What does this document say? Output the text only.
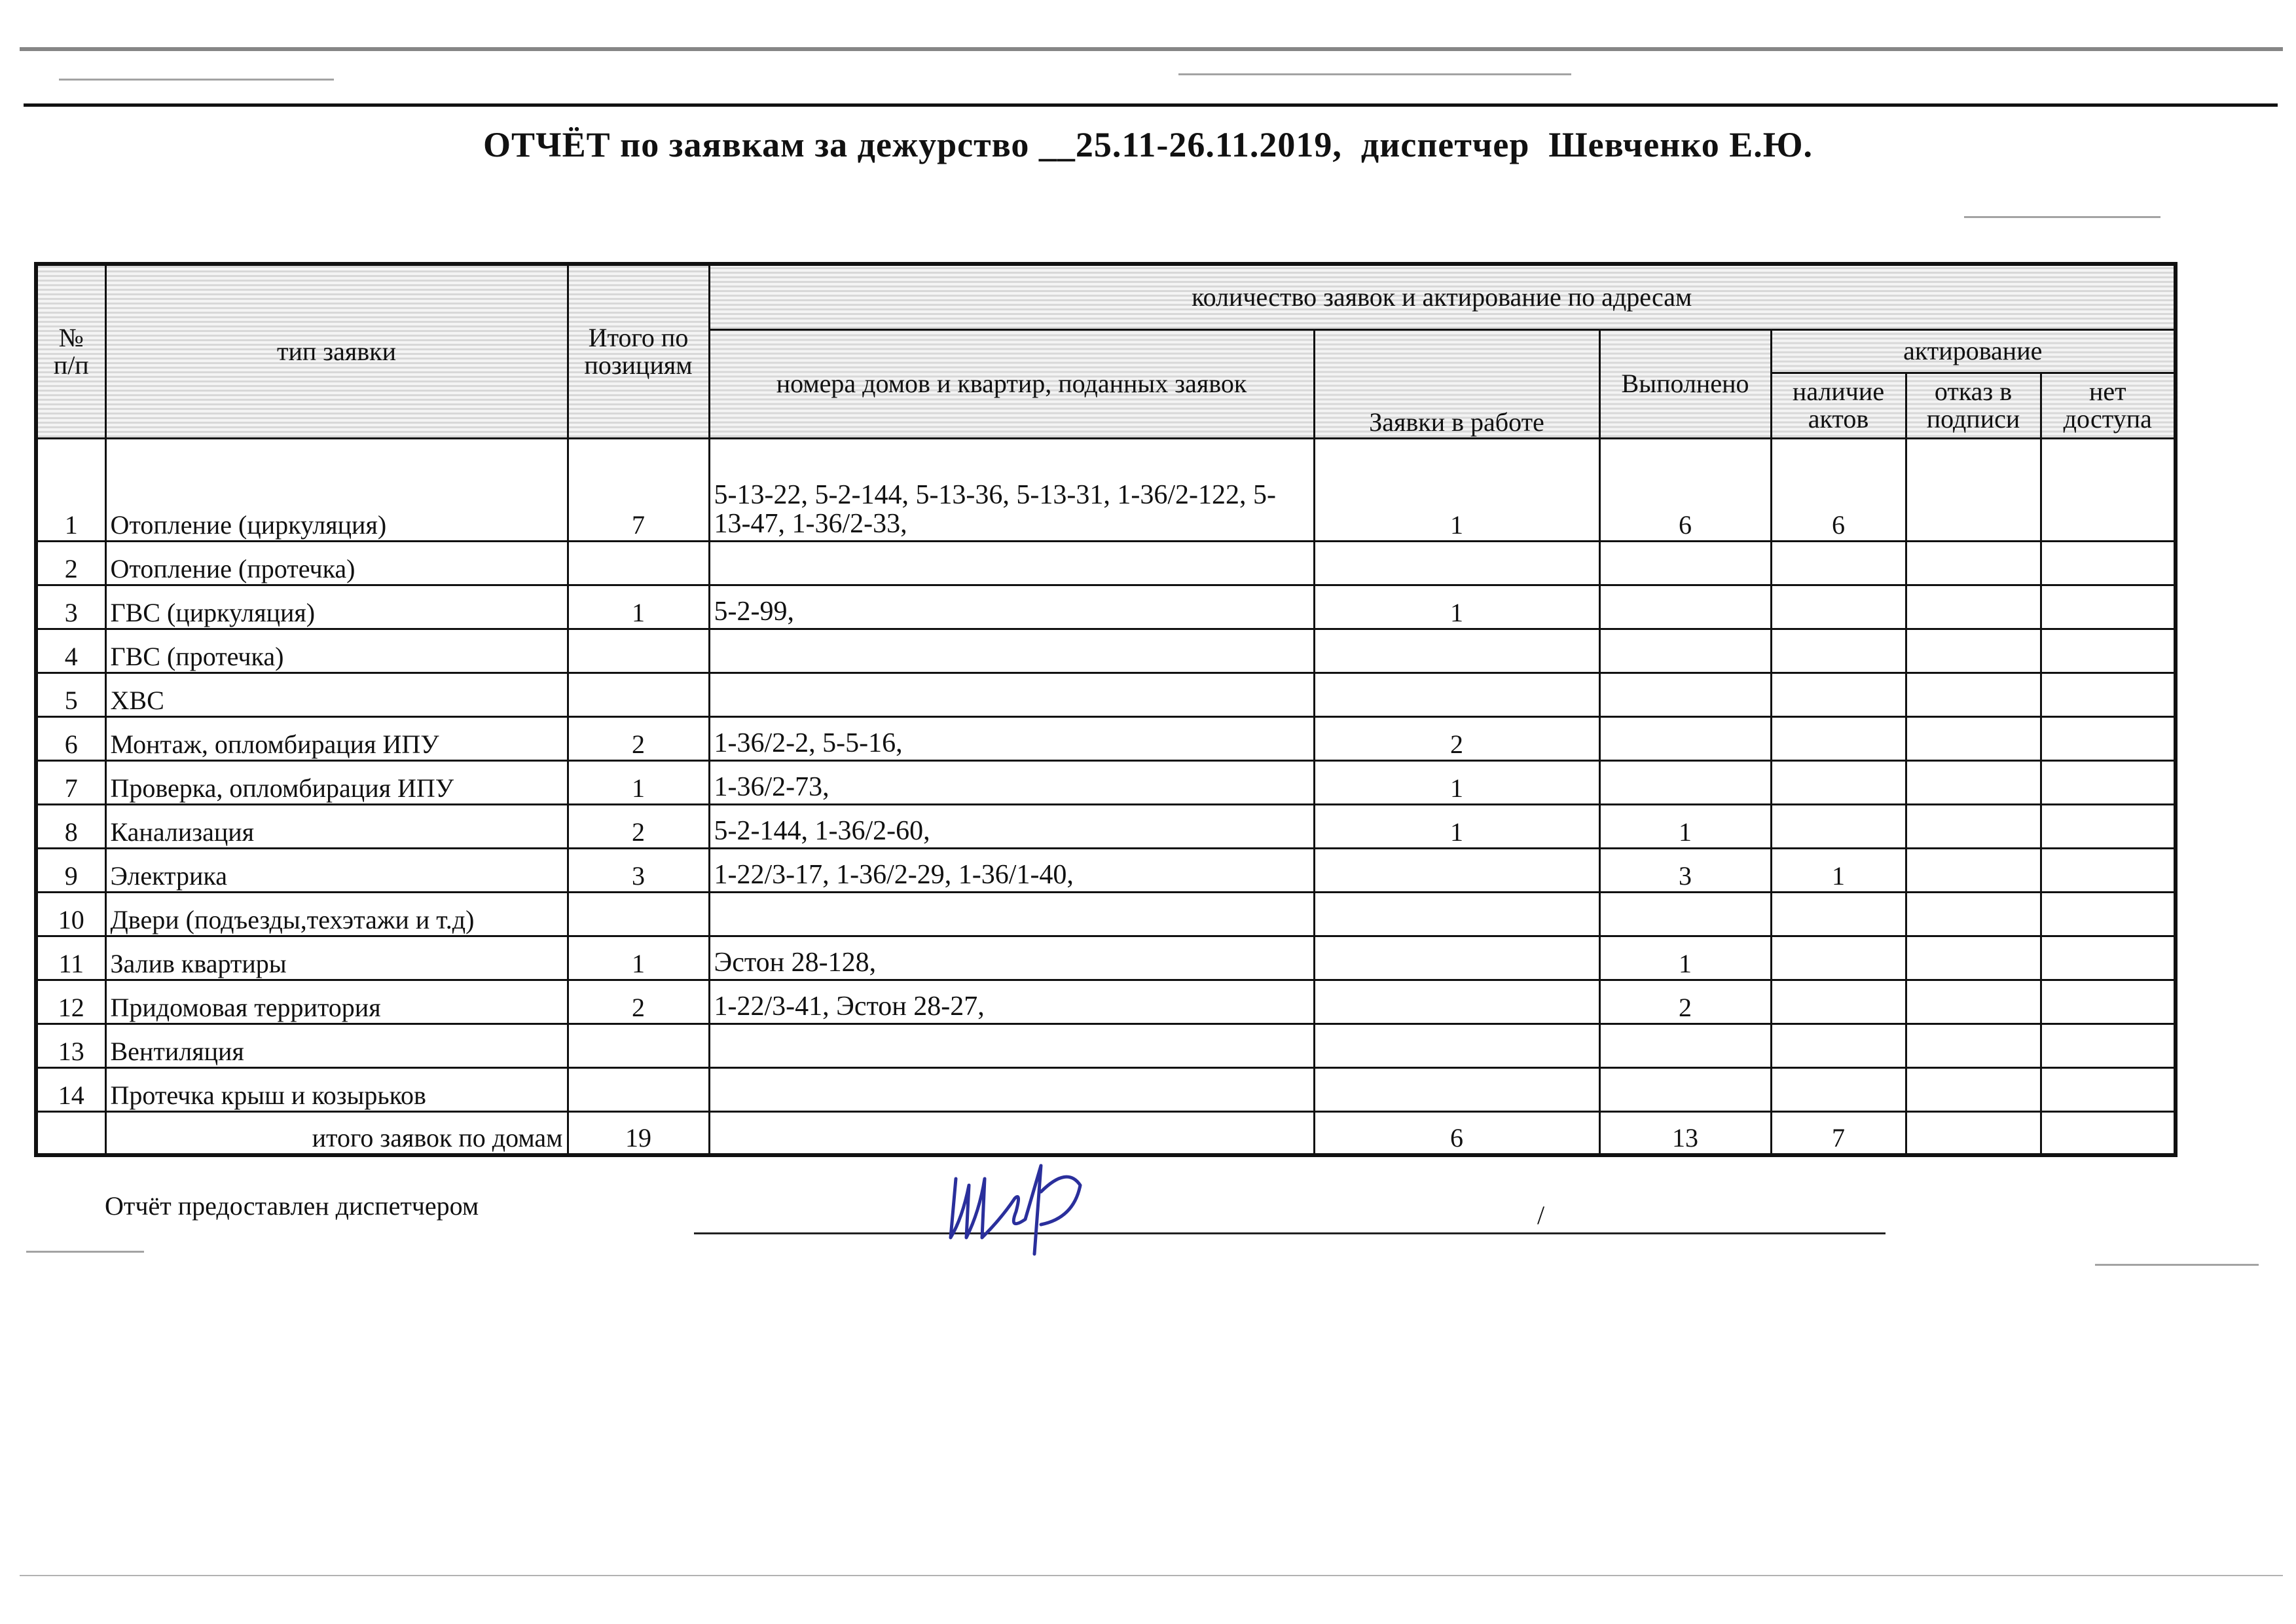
ОТЧЁТ по заявкам за дежурство __25.11-26.11.2019,  диспетчер  Шевченко Е.Ю.
№
п/п	тип заявки	Итого по позициям	количество заявок и актирование по адресам					
			номера домов и квартир, поданных заявок	Заявки в работе	Выполнено	актирование		
						наличие актов	отказ в подписи	нет доступа
1	Отопление (циркуляция)	7	5-13-22, 5-2-144, 5-13-36, 5-13-31, 1-36/2-122, 5-13-47, 1-36/2-33,	1	6	6		
2	Отопление (протечка)							
3	ГВС (циркуляция)	1	5-2-99,	1				
4	ГВС (протечка)							
5	ХВС							
6	Монтаж, опломбирация ИПУ	2	1-36/2-2, 5-5-16,	2				
7	Проверка, опломбирация ИПУ	1	1-36/2-73,	1				
8	Канализация	2	5-2-144, 1-36/2-60,	1	1			
9	Электрика	3	1-22/3-17, 1-36/2-29, 1-36/1-40,		3	1		
10	Двери (подъезды,техэтажи и т.д)							
11	Залив квартиры	1	Эстон 28-128,		1			
12	Придомовая территория	2	1-22/3-41, Эстон 28-27,		2			
13	Вентиляция							
14	Протечка крыш и козырьков							
	итого заявок по домам	19		6	13	7		
Отчёт предоставлен диспетчером	/
